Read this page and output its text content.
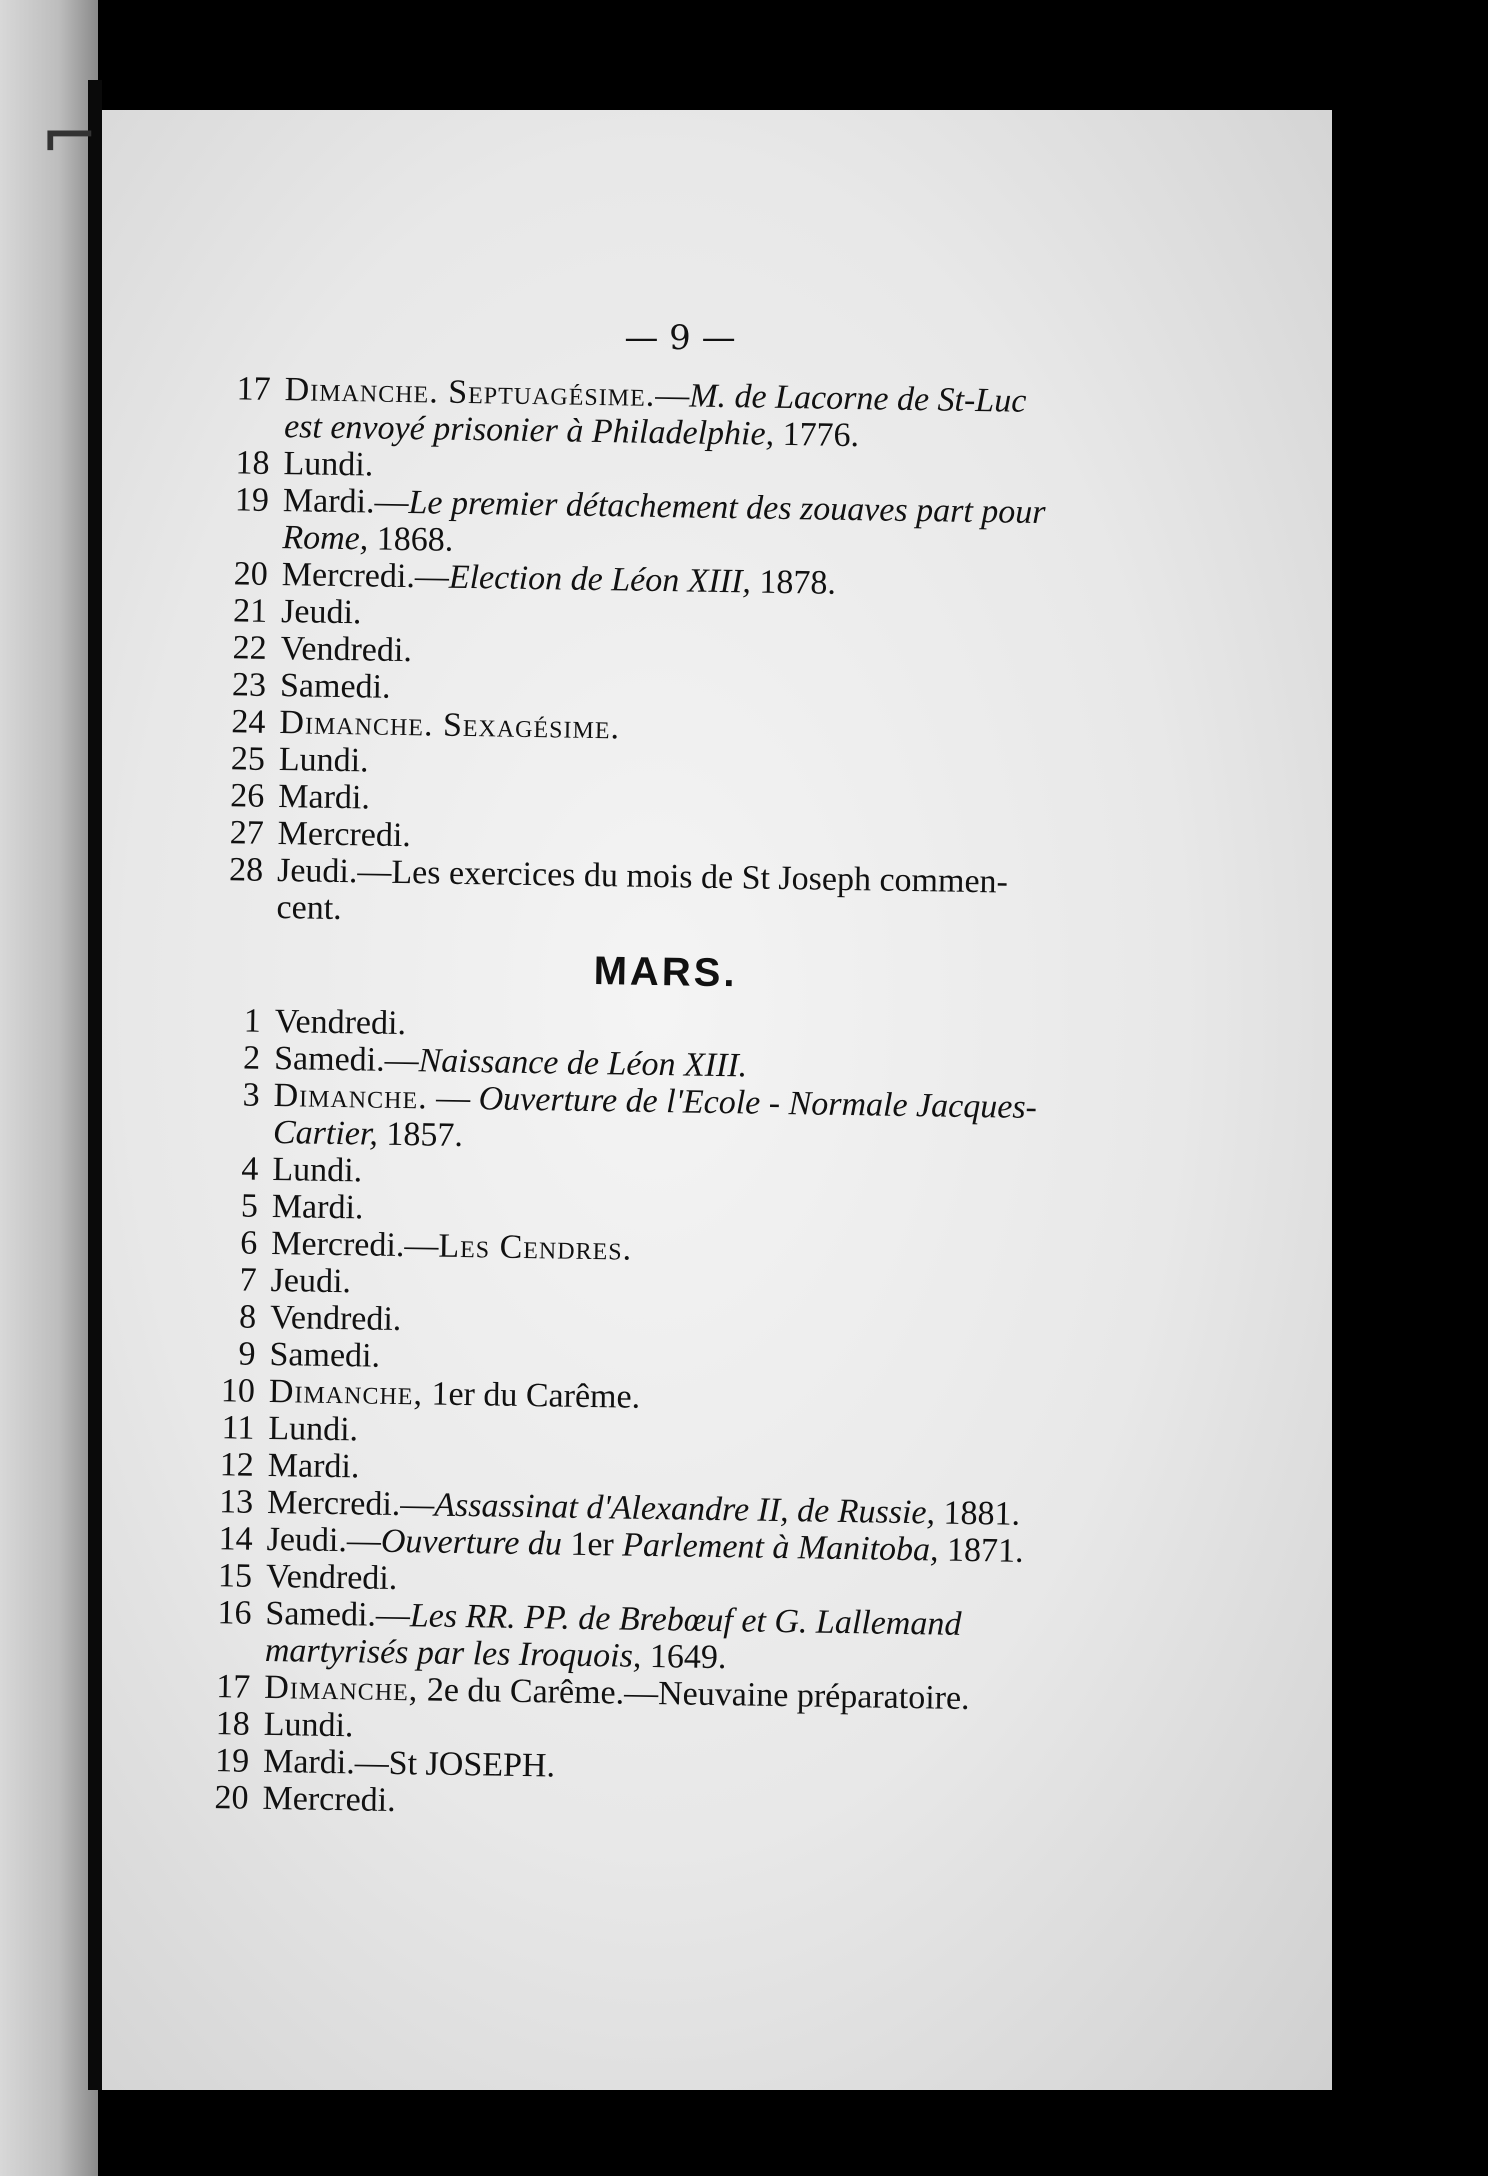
— 9 —
17 Dimanche. Septuagésime.—M. de Lacorne de St-Luc
est envoyé prisonier à Philadelphie, 1776.
18 Lundi.
19 Mardi.—Le premier détachement des zouaves part pour
Rome, 1868.
20 Mercredi.—Election de Léon XIII, 1878.
21 Jeudi.
22 Vendredi.
23 Samedi.
24 Dimanche. Sexagésime.
25 Lundi.
26 Mardi.
27 Mercredi.
28 Jeudi.—Les exercices du mois de St Joseph commen-
cent.
MARS.
1 Vendredi.
2 Samedi.—Naissance de Léon XIII.
3 Dimanche. — Ouverture de l'Ecole - Normale Jacques-
Cartier, 1857.
4 Lundi.
5 Mardi.
6 Mercredi.—Les Cendres.
7 Jeudi.
8 Vendredi.
9 Samedi.
10 Dimanche, 1er du Carême.
11 Lundi.
12 Mardi.
13 Mercredi.—Assassinat d'Alexandre II, de Russie, 1881.
14 Jeudi.—Ouverture du 1er Parlement à Manitoba, 1871.
15 Vendredi.
16 Samedi.—Les RR. PP. de Brebœuf et G. Lallemand
martyrisés par les Iroquois, 1649.
17 Dimanche, 2e du Carême.—Neuvaine préparatoire.
18 Lundi.
19 Mardi.—St JOSEPH.
20 Mercredi.
⌐
